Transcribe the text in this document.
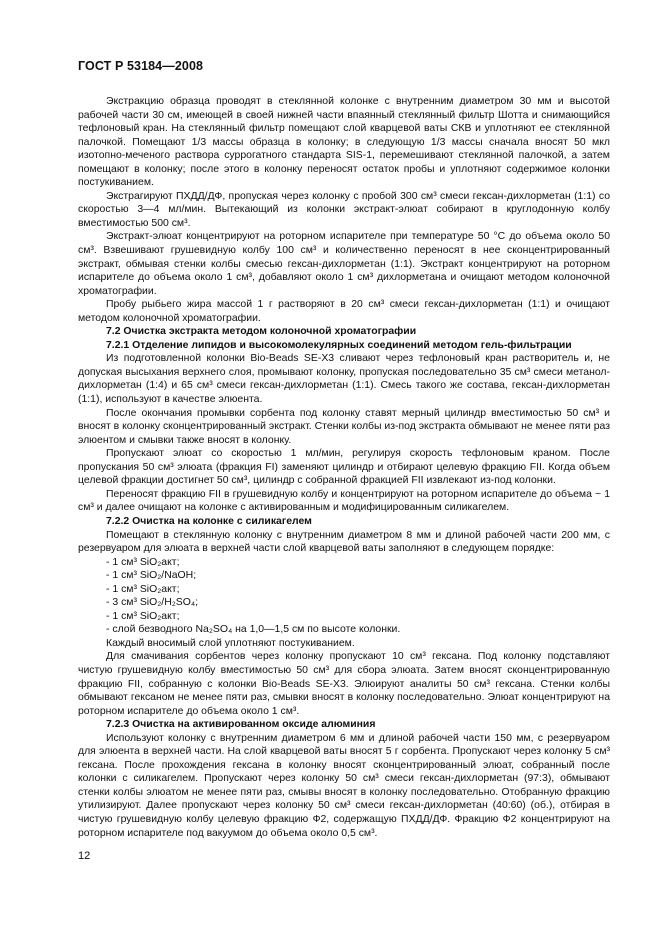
ГОСТ Р 53184—2008

Экстракцию образца проводят в стеклянной колонке с внутренним диаметром 30 мм и высотой рабочей части 30 см, имеющей в своей нижней части впаянный стеклянный фильтр Шотта и снимающийся тефлоновый кран. На стеклянный фильтр помещают слой кварцевой ваты СКВ и уплотняют ее стеклянной палочкой. Помещают 1/3 массы образца в колонку; в следующую 1/3 массы сначала вносят 50 мкл изотопно-меченого раствора суррогатного стандарта SIS-1, перемешивают стеклянной палочкой, а затем помещают в колонку; после этого в колонку переносят остаток пробы и уплотняют содержимое колонки постукиванием.

Экстрагируют ПХДД/ДФ, пропуская через колонку с пробой 300 см³ смеси гексан-дихлорметан (1:1) со скоростью 3—4 мл/мин. Вытекающий из колонки экстракт-элюат собирают в круглодонную колбу вместимостью 500 см³.

Экстракт-элюат концентрируют на роторном испарителе при температуре 50 °С до объема около 50 см³. Взвешивают грушевидную колбу 100 см³ и количественно переносят в нее сконцентрированный экстракт, обмывая стенки колбы смесью гексан-дихлорметан (1:1). Экстракт концентрируют на роторном испарителе до объема около 1 см³, добавляют около 1 см³ дихлорметана и очищают методом колоночной хроматографии.

Пробу рыбьего жира массой 1 г растворяют в 20 см³ смеси гексан-дихлорметан (1:1) и очищают методом колоночной хроматографии.

7.2 Очистка экстракта методом колоночной хроматографии
7.2.1 Отделение липидов и высокомолекулярных соединений методом гель-фильтрации

Из подготовленной колонки Bio-Beads SE-X3 сливают через тефлоновый кран растворитель и, не допуская высыхания верхнего слоя, промывают колонку, пропуская последовательно 35 см³ смеси метанол-дихлорметан (1:4) и 65 см³ смеси гексан-дихлорметан (1:1). Смесь такого же состава, гексан-дихлорметан (1:1), используют в качестве элюента.

После окончания промывки сорбента под колонку ставят мерный цилиндр вместимостью 50 см³ и вносят в колонку сконцентрированный экстракт. Стенки колбы из-под экстракта обмывают не менее пяти раз элюентом и смывки также вносят в колонку.

Пропускают элюат со скоростью 1 мл/мин, регулируя скорость тефлоновым краном. После пропускания 50 см³ элюата (фракция FI) заменяют цилиндр и отбирают целевую фракцию FII. Когда объем целевой фракции достигнет 50 см³, цилиндр с собранной фракцией FII извлекают из-под колонки.

Переносят фракцию FII в грушевидную колбу и концентрируют на роторном испарителе до объема ~ 1 см³ и далее очищают на колонке с активированным и модифицированным силикагелем.

7.2.2 Очистка на колонке с силикагелем

Помещают в стеклянную колонку с внутренним диаметром 8 мм и длиной рабочей части 200 мм, с резервуаром для элюата в верхней части слой кварцевой ваты заполняют в следующем порядке:

- 1 см³ SiO₂акт;
- 1 см³ SiO₂/NaOH;
- 1 см³ SiO₂акт;
- 3 см³ SiO₂/H₂SO₄;
- 1 см³ SiO₂акт;
- слой безводного Na₂SO₄ на 1,0—1,5 см по высоте колонки.

Каждый вносимый слой уплотняют постукиванием.

Для смачивания сорбентов через колонку пропускают 10 см³ гексана. Под колонку подставляют чистую грушевидную колбу вместимостью 50 см³ для сбора элюата. Затем вносят сконцентрированную фракцию FII, собранную с колонки Bio-Beads SE-X3. Элюируют аналиты 50 см³ гексана. Стенки колбы обмывают гексаном не менее пяти раз, смывки вносят в колонку последовательно. Элюат концентрируют на роторном испарителе до объема около 1 см³.

7.2.3 Очистка на активированном оксиде алюминия

Используют колонку с внутренним диаметром 6 мм и длиной рабочей части 150 мм, с резервуаром для элюента в верхней части. На слой кварцевой ваты вносят 5 г сорбента. Пропускают через колонку 5 см³ гексана. После прохождения гексана в колонку вносят сконцентрированный элюат, собранный после колонки с силикагелем. Пропускают через колонку 50 см³ смеси гексан-дихлорметан (97:3), обмывают стенки колбы элюатом не менее пяти раз, смывы вносят в колонку последовательно. Отобранную фракцию утилизируют. Далее пропускают через колонку 50 см³ смеси гексан-дихлорметан (40:60) (об.), отбирая в чистую грушевидную колбу целевую фракцию Ф2, содержащую ПХДД/ДФ. Фракцию Ф2 концентрируют на роторном испарителе под вакуумом до объема около 0,5 см³.

12
